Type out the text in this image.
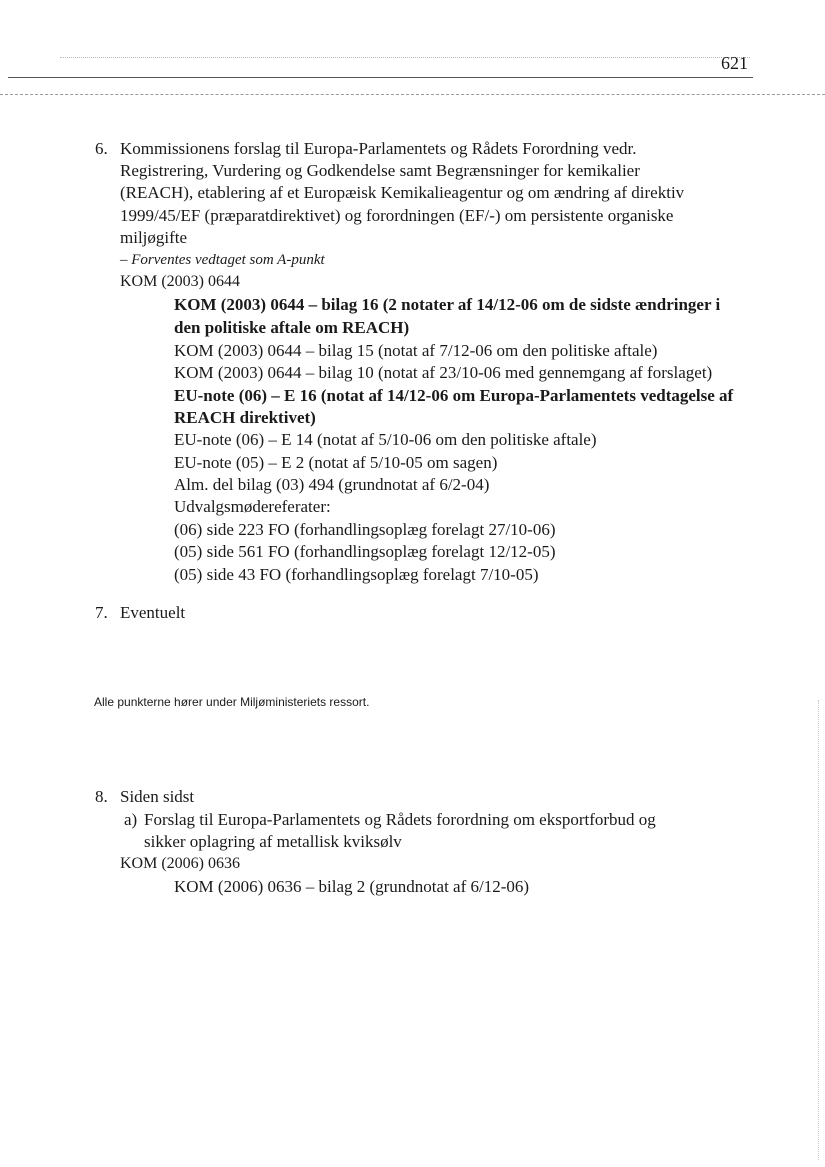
621
6. Kommissionens forslag til Europa-Parlamentets og Rådets Forordning vedr.
Registrering, Vurdering og Godkendelse samt Begrænsninger for kemikalier
(REACH), etablering af et Europæisk Kemikalieagentur og om ændring af direktiv
1999/45/EF (præparatdirektivet) og forordningen (EF/-) om persistente organiske
miljøgifte
– Forventes vedtaget som A-punkt
KOM (2003) 0644
KOM (2003) 0644 – bilag 16 (2 notater af 14/12-06 om de sidste ændringer i
den politiske aftale om REACH)
KOM (2003) 0644 – bilag 15 (notat af 7/12-06 om den politiske aftale)
KOM (2003) 0644 – bilag 10 (notat af 23/10-06 med gennemgang af forslaget)
EU-note (06) – E 16 (notat af 14/12-06 om Europa-Parlamentets vedtagelse af
REACH direktivet)
EU-note (06) – E 14 (notat af 5/10-06 om den politiske aftale)
EU-note (05) – E 2 (notat af 5/10-05 om sagen)
Alm. del bilag (03) 494 (grundnotat af 6/2-04)
Udvalgsmødereferater:
(06) side 223 FO (forhandlingsoplæg forelagt 27/10-06)
(05) side 561 FO (forhandlingsoplæg forelagt 12/12-05)
(05) side 43 FO (forhandlingsoplæg forelagt 7/10-05)
7. Eventuelt
Alle punkterne hører under Miljøministeriets ressort.
8. Siden sidst
a) Forslag til Europa-Parlamentets og Rådets forordning om eksportforbud og
sikker oplagring af metallisk kviksølv
KOM (2006) 0636
KOM (2006) 0636 – bilag 2 (grundnotat af 6/12-06)
